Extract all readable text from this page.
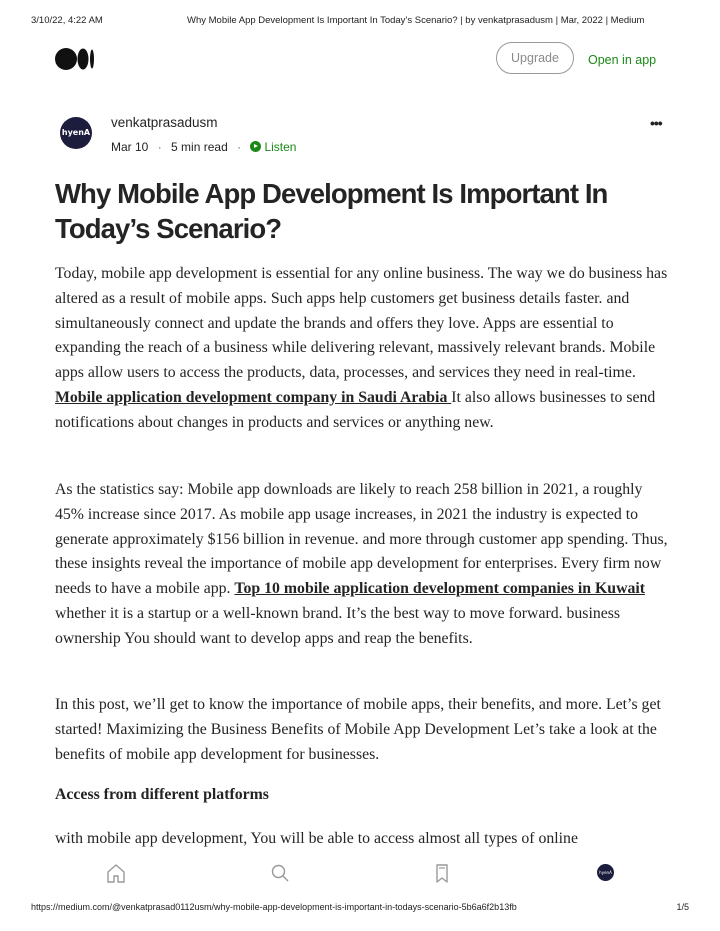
3/10/22, 4:22 AM	Why Mobile App Development Is Important In Today’s Scenario? | by venkatprasadusm | Mar, 2022 | Medium
Upgrade	Open in app
hyenA
venkatprasadusm
Mar 10 · 5 min read · Listen
•••
Why Mobile App Development Is Important In Today’s Scenario?

Today, mobile app development is essential for any online business. The way we do business has altered as a result of mobile apps. Such apps help customers get business details faster. and simultaneously connect and update the brands and offers they love. Apps are essential to expanding the reach of a business while delivering relevant, massively relevant brands. Mobile apps allow users to access the products, data, processes, and services they need in real-time. Mobile application development company in Saudi Arabia It also allows businesses to send notifications about changes in products and services or anything new.

As the statistics say: Mobile app downloads are likely to reach 258 billion in 2021, a roughly 45% increase since 2017. As mobile app usage increases, in 2021 the industry is expected to generate approximately $156 billion in revenue. and more through customer app spending. Thus, these insights reveal the importance of mobile app development for enterprises. Every firm now needs to have a mobile app. Top 10 mobile application development companies in Kuwait whether it is a startup or a well-known brand. It’s the best way to move forward. business ownership You should want to develop apps and reap the benefits.

In this post, we’ll get to know the importance of mobile apps, their benefits, and more. Let’s get started! Maximizing the Business Benefits of Mobile App Development Let’s take a look at the benefits of mobile app development for businesses.

Access from different platforms

with mobile app development, You will be able to access almost all types of online

hyenA
https://medium.com/@venkatprasad0112usm/why-mobile-app-development-is-important-in-todays-scenario-5b6a6f2b13fb	1/5
